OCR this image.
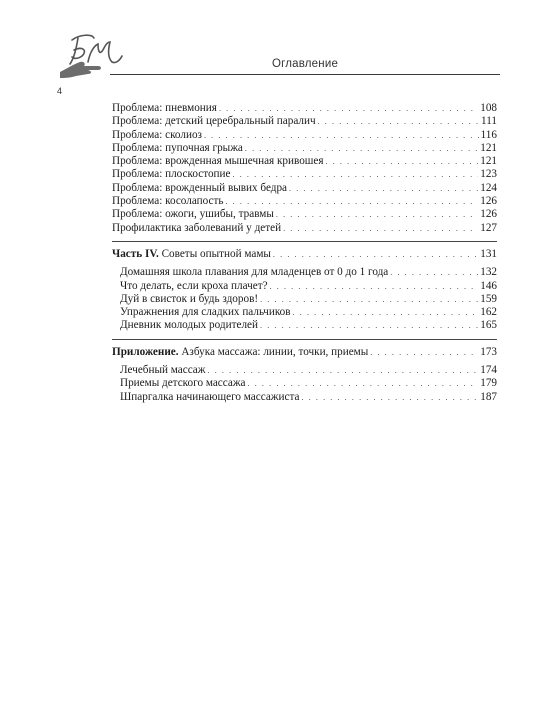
Оглавление
4
Проблема: пневмония . . .	108
Проблема: детский церебральный паралич . . .	111
Проблема: сколиоз . . .	116
Проблема: пупочная грыжа . . .	121
Проблема: врожденная мышечная кривошея . . .	121
Проблема: плоскостопие . . .	123
Проблема: врожденный вывих бедра . . .	124
Проблема: косолапость . . .	126
Проблема: ожоги, ушибы, травмы . . .	126
Профилактика заболеваний у детей . . .	127
Часть IV. Советы опытной мамы . . .	131
Домашняя школа плавания для младенцев от 0 до 1 года . . .	132
Что делать, если кроха плачет? . . .	146
Дуй в свисток и будь здоров! . . .	159
Упражнения для сладких пальчиков . . .	162
Дневник молодых родителей . . .	165
Приложение. Азбука массажа: линии, точки, приемы . . .	173
Лечебный массаж . . .	174
Приемы детского массажа . . .	179
Шпаргалка начинающего массажиста . . .	187
